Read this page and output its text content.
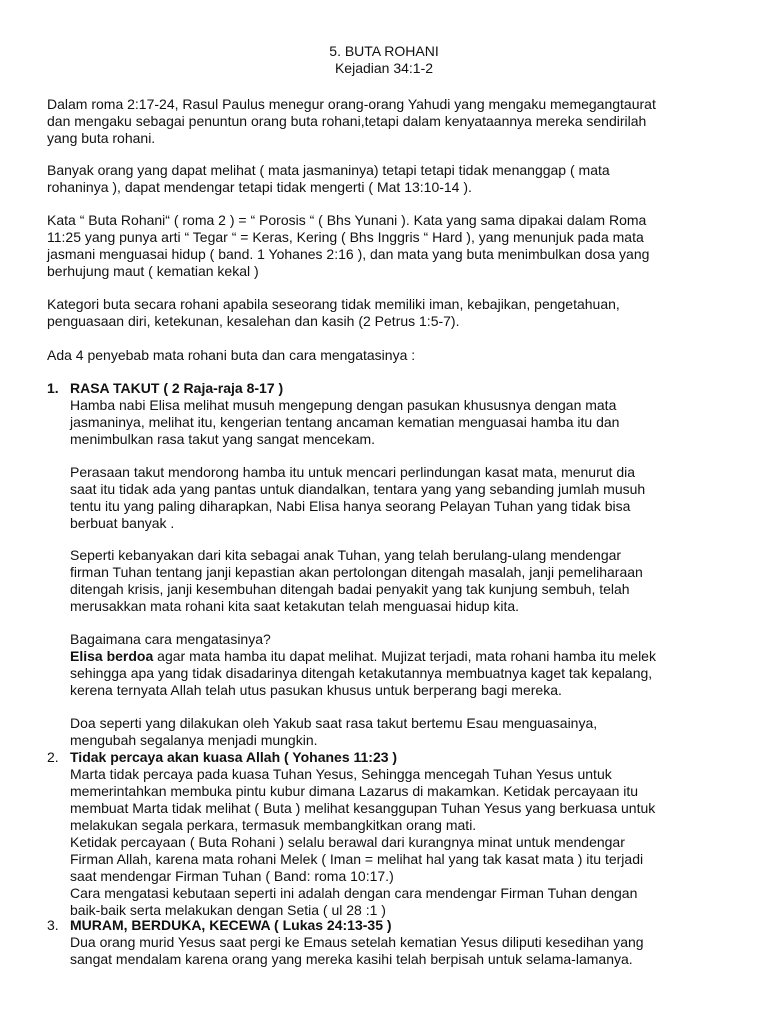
5. BUTA ROHANI
Kejadian 34:1-2

Dalam roma 2:17-24, Rasul Paulus menegur orang-orang Yahudi yang mengaku memegangtaurat
dan mengaku sebagai penuntun orang buta rohani,tetapi dalam kenyataannya mereka sendirilah
yang buta rohani.

Banyak orang yang dapat melihat ( mata jasmaninya) tetapi tetapi tidak menanggap ( mata
rohaninya ), dapat mendengar tetapi tidak mengerti ( Mat 13:10-14 ).

Kata “ Buta Rohani“ ( roma 2 ) = “ Porosis “ ( Bhs Yunani ). Kata yang sama dipakai dalam Roma
11:25 yang punya arti “ Tegar “ = Keras, Kering ( Bhs Inggris “ Hard ), yang menunjuk pada mata
jasmani menguasai hidup ( band. 1 Yohanes 2:16 ), dan mata yang buta menimbulkan dosa yang
berhujung maut ( kematian kekal )

Kategori buta secara rohani apabila seseorang tidak memiliki iman, kebajikan, pengetahuan,
penguasaan diri, ketekunan, kesalehan dan kasih (2 Petrus 1:5-7).

Ada 4 penyebab mata rohani buta dan cara mengatasinya :

1. RASA TAKUT ( 2 Raja-raja 8-17 )

Hamba nabi Elisa melihat musuh mengepung dengan pasukan khususnya dengan mata
jasmaninya, melihat itu, kengerian tentang ancaman kematian menguasai hamba itu dan
menimbulkan rasa takut yang sangat mencekam.

Perasaan takut mendorong hamba itu untuk mencari perlindungan kasat mata, menurut dia
saat itu tidak ada yang pantas untuk diandalkan, tentara yang yang sebanding jumlah musuh
tentu itu yang paling diharapkan, Nabi Elisa hanya seorang Pelayan Tuhan yang tidak bisa
berbuat banyak .

Seperti kebanyakan dari kita sebagai anak Tuhan, yang telah berulang-ulang mendengar
firman Tuhan tentang janji kepastian akan pertolongan ditengah masalah, janji pemeliharaan
ditengah krisis, janji kesembuhan ditengah badai penyakit yang tak kunjung sembuh, telah
merusakkan mata rohani kita saat ketakutan telah menguasai hidup kita.

Bagaimana cara mengatasinya?
Elisa berdoa agar mata hamba itu dapat melihat. Mujizat terjadi, mata rohani hamba itu melek
sehingga apa yang tidak disadarinya ditengah ketakutannya membuatnya kaget tak kepalang,
kerena ternyata Allah telah utus pasukan khusus untuk berperang bagi mereka.

Doa seperti yang dilakukan oleh Yakub saat rasa takut bertemu Esau menguasainya,
mengubah segalanya menjadi mungkin.

2. Tidak percaya akan kuasa Allah ( Yohanes 11:23 )

Marta tidak percaya pada kuasa Tuhan Yesus, Sehingga mencegah Tuhan Yesus untuk
memerintahkan membuka pintu kubur dimana Lazarus di makamkan. Ketidak percayaan itu
membuat Marta tidak melihat ( Buta ) melihat kesanggupan Tuhan Yesus yang berkuasa untuk
melakukan segala perkara, termasuk membangkitkan orang mati.
Ketidak percayaan ( Buta Rohani ) selalu berawal dari kurangnya minat untuk mendengar
Firman Allah, karena mata rohani Melek ( Iman = melihat hal yang tak kasat mata ) itu terjadi
saat mendengar Firman Tuhan ( Band: roma 10:17.)
Cara mengatasi kebutaan seperti ini adalah dengan cara mendengar Firman Tuhan dengan
baik-baik serta melakukan dengan Setia ( ul 28 :1 )

3. MURAM, BERDUKA, KECEWA ( Lukas 24:13-35 )

Dua orang murid Yesus saat pergi ke Emaus setelah kematian Yesus diliputi kesedihan yang
sangat mendalam karena orang yang mereka kasihi telah berpisah untuk selama-lamanya.
